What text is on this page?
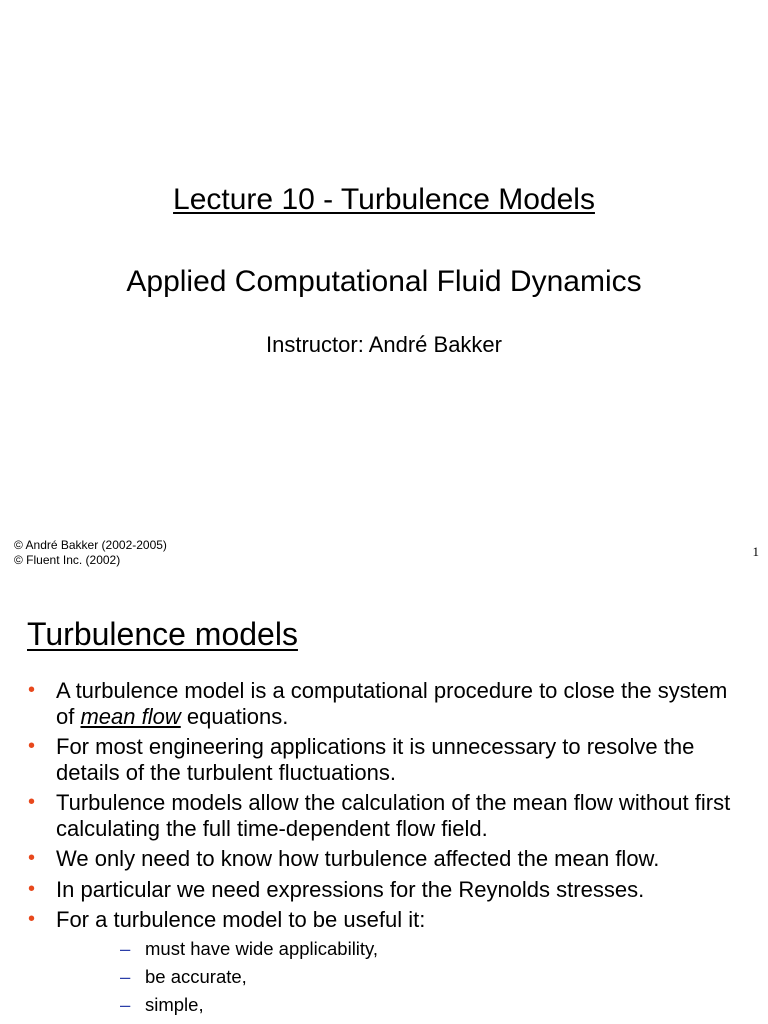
Lecture 10 - Turbulence Models
Applied Computational Fluid Dynamics

Instructor: André Bakker

© André Bakker (2002-2005)
© Fluent Inc. (2002)
1
Turbulence models
• A turbulence model is a computational procedure to close the system of mean flow equations.
• For most engineering applications it is unnecessary to resolve the details of the turbulent fluctuations.
• Turbulence models allow the calculation of the mean flow without first calculating the full time-dependent flow field.
• We only need to know how turbulence affected the mean flow.
• In particular we need expressions for the Reynolds stresses.
• For a turbulence model to be useful it:
– must have wide applicability,
– be accurate,
– simple,
